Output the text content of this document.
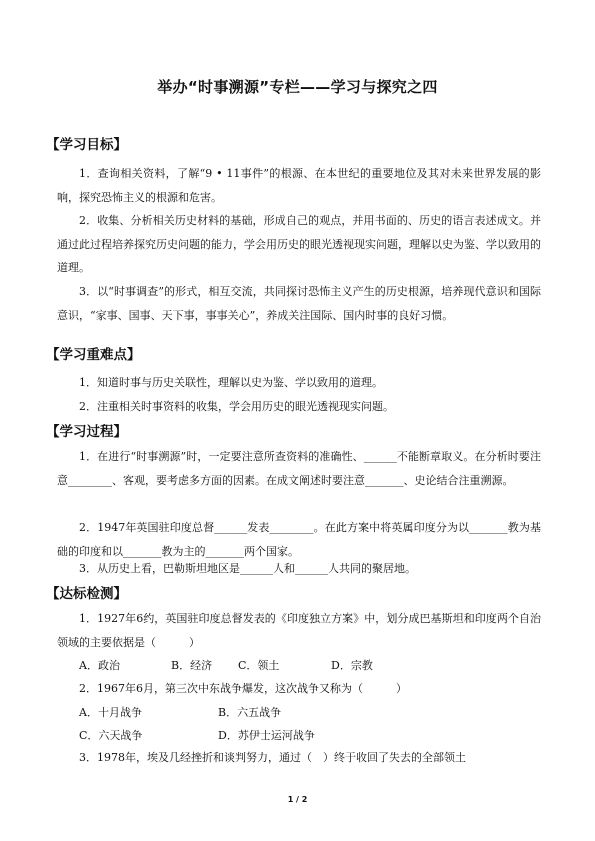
举办“时事溯源”专栏——学习与探究之四
【学习目标】

1．查询相关资料，了解“9 • 11事件”的根源、在本世纪的重要地位及其对未来世界发展的影响，探究恐怖主义的根源和危害。

2．收集、分析相关历史材料的基础，形成自己的观点，并用书面的、历史的语言表述成文。并通过此过程培养探究历史问题的能力，学会用历史的眼光透视现实问题，理解以史为鉴、学以致用的道理。

3．以“时事调查”的形式，相互交流，共同探讨恐怖主义产生的历史根源，培养现代意识和国际意识，“家事、国事、天下事，事事关心”，养成关注国际、国内时事的良好习惯。

【学习重难点】

1．知道时事与历史关联性，理解以史为鉴、学以致用的道理。

2．注重相关时事资料的收集，学会用历史的眼光透视现实问题。

【学习过程】

1．在进行“时事溯源”时，一定要注意所查资料的准确性、______不能断章取义。在分析时要注意________、客观，要考虑多方面的因素。在成文阐述时要注意_______、史论结合注重溯源。

2．1947年英国驻印度总督______发表________。在此方案中将英属印度分为以_______教为基础的印度和以_______教为主的_______两个国家。

3．从历史上看，巴勒斯坦地区是______人和______人共同的聚居地。

【达标检测】

1．1927年6约，英国驻印度总督发表的《印度独立方案》中，划分成巴基斯坦和印度两个自治领域的主要依据是（　　　）

A．政治	B．经济 C．领土	D．宗教

2．1967年6月，第三次中东战争爆发，这次战争又称为（　　　）

A．十月战争	B．六五战争
C．六天战争	D．苏伊士运河战争

3．1978年，埃及几经挫折和谈判努力，通过（　）终于收回了失去的全部领土

1 / 2
